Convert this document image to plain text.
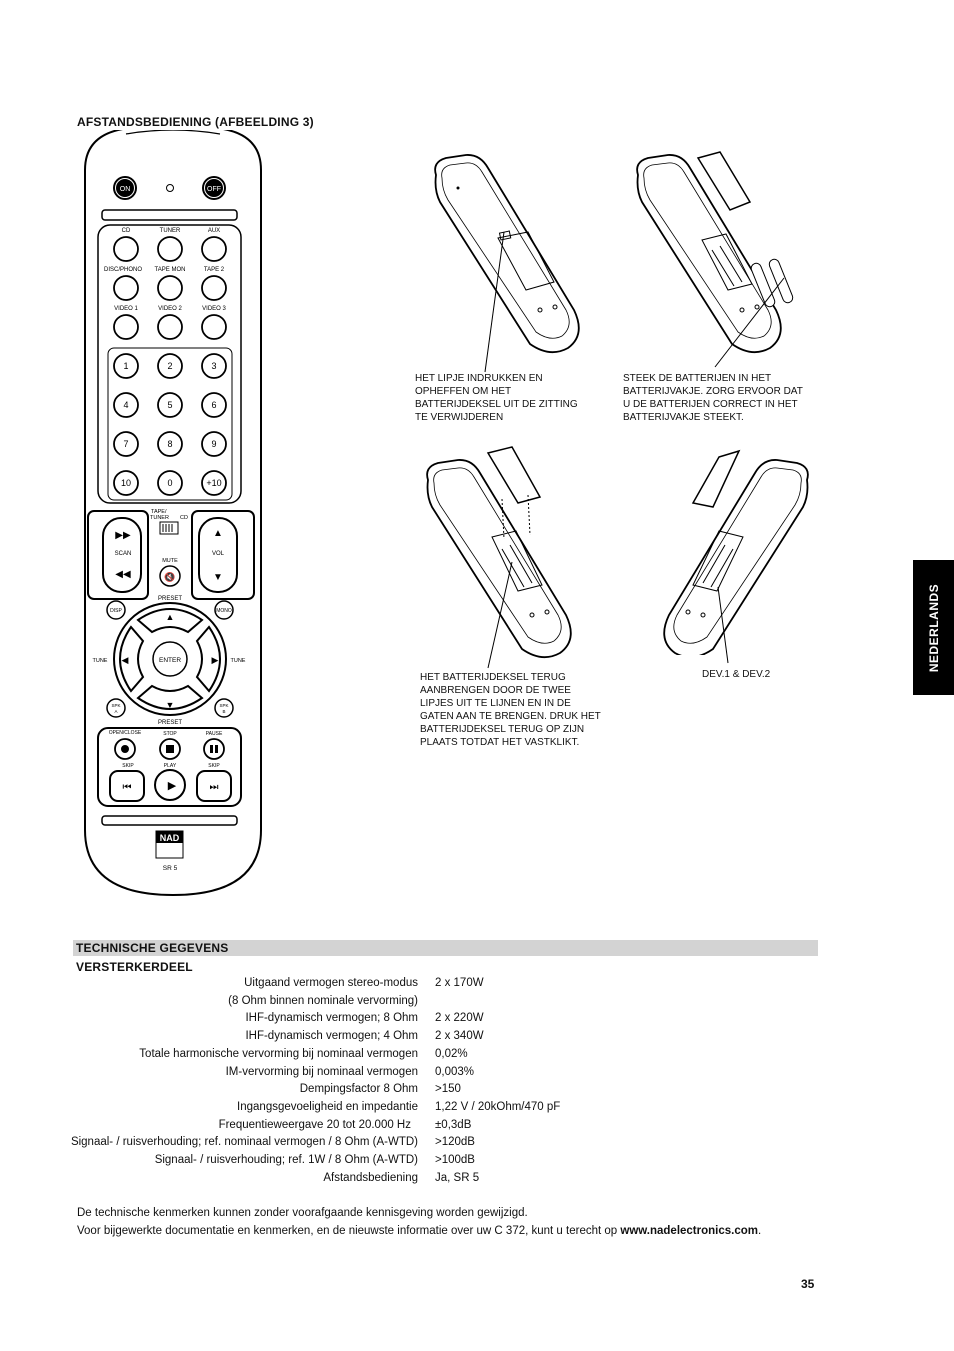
AFSTANDSBEDIENING (AFBEELDING 3)
ON	OFF
CD	TUNER	AUX
DISC/PHONO TAPE MON	TAPE 2
VIDEO 1	VIDEO 2	VIDEO 3
1	2	3
4	5	6
7	8	9
10	0	+10
TAPE/
TUNER CD
▶▶
SCAN
◀◀
▲
VOL
▼
MUTE
🔇
PRESET
DISP	MONO
▲
▼
◀	▶
ENTER
TUNE	TUNE
SPK
A
SPK
B
PRESET
OPEN/CLOSE	STOP	PAUSE
SKIP	PLAY	SKIP
⏮	▶	⏭
NAD
SR 5
HET LIPJE INDRUKKEN EN OPHEFFEN OM HET BATTERIJDEKSEL UIT DE ZITTING TE VERWIJDEREN
STEEK DE BATTERIJEN IN HET BATTERIJVAKJE. ZORG ERVOOR DAT U DE BATTERIJEN CORRECT IN HET BATTERIJVAKJE STEEKT.
HET BATTERIJDEKSEL TERUG AANBRENGEN DOOR DE TWEE LIPJES UIT TE LIJNEN EN IN DE GATEN AAN TE BRENGEN. DRUK HET BATTERIJDEKSEL TERUG OP ZIJN PLAATS TOTDAT HET VASTKLIKT.
DEV.1 & DEV.2
NEDERLANDS
TECHNISCHE GEGEVENS
VERSTERKERDEEL
Uitgaand vermogen stereo-modus 2 x 170W
(8 Ohm binnen nominale vervorming)
IHF-dynamisch vermogen; 8 Ohm 2 x 220W
IHF-dynamisch vermogen; 4 Ohm 2 x 340W
Totale harmonische vervorming bij nominaal vermogen 0,02%
IM-vervorming bij nominaal vermogen 0,003%
Dempingsfactor 8 Ohm >150
Ingangsgevoeligheid en impedantie 1,22 V / 20kOhm/470 pF
Frequentieweergave 20 tot 20.000 Hz ±0,3dB
Signaal- / ruisverhouding; ref. nominaal vermogen / 8 Ohm (A-WTD) >120dB
Signaal- / ruisverhouding; ref. 1W / 8 Ohm (A-WTD) >100dB
Afstandsbediening Ja, SR 5
De technische kenmerken kunnen zonder voorafgaande kennisgeving worden gewijzigd.
Voor bijgewerkte documentatie en kenmerken, en de nieuwste informatie over uw C 372, kunt u terecht op www.nadelectronics.com.
35
